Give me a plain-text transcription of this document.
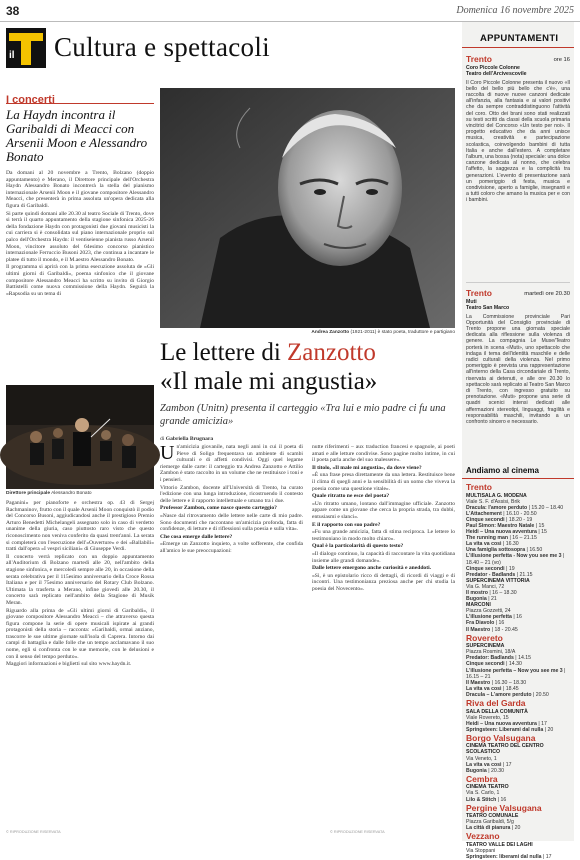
38	Domenica 16 novembre 2025
il Cultura e spettacoli
I concerti
La Haydn incontra il Garibaldi di Meacci con Arsenii Moon e Alessandro Bonato

Da domani al 20 novembre a Trento, Bolzano (doppio appuntamento) e Merano, il Direttore principale dell'Orchestra Haydn Alessandro Bonato incontrerà la stella del pianismo internazionale Arsenii Moon e il giovane compositore Alessandro Meacci, che presenterà in prima assoluta un'opera dedicata alla figura di Garibaldi.

Si parte quindi domani alle 20.30 al teatro Sociale di Trento, dove si terrà il quarto appuntamento della stagione sinfonica 2025-26 della fondazione Haydn con protagonisti due giovani musicisti la cui carriera si è consolidata sul piano internazionale proprio sul palco dell'Orchestra Haydn: il ventiseienne pianista russo Arsenii Moon, vincitore assoluto del 64esimo concorso pianistico internazionale Ferruccio Busoni 2023, che continua a incantare le platee di tutto il mondo, e il M.aestro Alessandro Bonato.

Il programma si aprirà con la prima esecuzione assoluta de «Gli ultimi giorni di Garibaldi», poema sinfonico che il giovane compositore Alessandro Meacci ha scritto su invito di Giorgio Battistelli come nuova commissione della Haydn. Seguirà la «Rapsodia su un tema di

Direttore principale Alessandro Bonato

Paganini» per pianoforte e orchestra op. 43 di Sergej Rachmaninov, frutto con il quale Arsenii Moon conquistò il podio del Concorso Busoni, aggiudicandosi anche il prestigioso Premio Arturo Benedetti Michelangeli assegnato solo in caso di verdetto unanime della giuria, caso piuttosto raro visto che questo riconoscimento non veniva conferito da quasi trent'anni. La serata si completerà con l'esecuzione dell'«Ouverture» e dei «Ballabili» tratti dall'opera «I vespri siciliani» di Giuseppe Verdi.

Il concerto verrà replicato con un doppio appuntamento all'Auditorium di Bolzano martedì alle 20, nell'ambito della stagione sinfonica, e mercoledì sempre alle 20, in occasione della serata celebrativa per il 115esimo anniversario della Croce Rossa Italiana e per il 75esimo anniversario del Rotary Club Bolzano. Ultimata la trasferta a Merano, infine giovedì alle 20.30, il concerto sarà replicato nell'ambito della Stagione di Musik Meran.

Riguardo alla prima de «Gli ultimi giorni di Garibaldi», il giovane compositore Alessandro Meacci – che attraverso questa figura compone la serie di opere musicali ispirate ai grandi protagonisti della storia – racconta: «Garibaldi, ormai anziano, trascorre le sue ultime giornate sull'isola di Caprera. Intorno dai campi di battaglia e dalle folle che un tempo acclamavano il suo nome, egli si confronta con le sue memorie, con le delusioni e con il senso del tempo perduto».

Maggiori informazioni e biglietti sul sito www.haydn.it.

Andrea Zanzotto (1921-2011) è stato poeta, traduttore e partigiano
Le lettere di Zanzotto
«Il male mi angustia»
Zambon (Unitn) presenta il carteggio «Tra lui e mio padre ci fu una grande amicizia»
di Gabriella Brugnara

Un'amicizia giovanile, nata negli anni in cui il poeta di Pieve di Soligo frequentava un ambiente di scambi culturali e di affetti condivisi. Oggi quel legame riemerge dalle carte: il carteggio tra Andrea Zanzotto e Attilio Zambon è stato raccolto in un volume che ne restituisce i toni e i pensieri.

Vittorio Zambon, docente all'Università di Trento, ha curato l'edizione con una lunga introduzione, ricostruendo il contesto delle lettere e il rapporto intellettuale e umano tra i due.

Professor Zambon, come nasce questo carteggio?

«Nasce dal ritrovamento delle lettere nelle carte di mio padre. Sono documenti che raccontano un'amicizia profonda, fatta di confidenze, di letture e di riflessioni sulla poesia e sulla vita».

Che cosa emerge dalle lettere?

«Emerge un Zanzotto inquieto, a volte sofferente, che confida all'amico le sue preoccupazioni:

nutte riferimenti – aux traduction francesi e spagnole, ai poeti amati e alle letture condivise. Sono pagine molto intime, in cui il poeta parla anche del suo malessere».

Il titolo, «Il male mi angustia», da dove viene?

«È una frase presa direttamente da una lettera. Restituisce bene il clima di quegli anni e la sensibilità di un uomo che viveva la poesia come una questione vitale».

Quale ritratto ne esce del poeta?

«Un ritratto umano, lontano dall'immagine ufficiale. Zanzotto appare come un giovane che cerca la propria strada, tra dubbi, entusiasmi e slanci».

E il rapporto con suo padre?

«Fu una grande amicizia, fatta di stima reciproca. Le lettere lo testimoniano in modo molto chiaro».

Qual è la particolarità di questo testo?

«Il dialogo continuo, la capacità di raccontare la vita quotidiana insieme alle grandi domande».

Dalle lettere emergono anche curiosità e aneddoti.

«Sì, è un epistolario ricco di dettagli, di ricordi di viaggi e di incontri. Una testimonianza preziosa anche per chi studia la poesia del Novecento».

APPUNTAMENTI
Trento	ore 16
Coro Piccole Colonne
Teatro dell'Arcivescovile
Il Coro Piccole Colonne presenta il nuovo «Il bello del bello più bello che c'è», una raccolta di nuove nuove canzoni dedicate all'infanzia, alla fantasia e ai valori positivi che da sempre contraddistinguono l'attività del coro. Otto dei brani sono stati realizzati su testi scritti da classi della scuola primaria vincitrici del Concorso «Un testo per noi». Il progetto educativo che da anni unisce musica, creatività e partecipazione scolastica, coinvolgendo bambini di tutta Italia e anche dall'estero. A completare l'album, una bossa (nota) speciale: una dolce canzone dedicata al nonno, che celebra l'affetto, la saggezza e la complicità tra generazioni. L'evento di presentazione sarà un pomeriggio di festa, musica e condivisione, aperto a famiglie, insegnanti e a tutti coloro che amano la musica per e con i bambini.
Trento	martedì ore 20.30
Muti
Teatro San Marco
La Commissione provinciale Pari Opportunità del Consiglio provinciale di Trento propone una giornata speciale dedicata alla riflessione sulla violenza di genere. La compagnia Le Muse/Teatro porterà in scena «Muti», uno spettacolo che indaga il tema dell'identità maschile e delle radici culturali della violenza. Nel primo pomeriggio è prevista una rappresentazione all'interno della Casa circondariale di Trento, riservata ai detenuti, e alle ore 20.30 lo spettacolo sarà replicato al Teatro San Marco di Trento, con ingresso gratuito su prenotazione. «Muti» propone una serie di quadri scenici intensi dedicati alle affermazioni stereotipi, linguaggi, fragilità e responsabilità maschili, invitando a un confronto sincero e necessario.
Andiamo al cinema
Trento
MULTISALA G. MODENA
Viale S. F. d'Assisi, Brik
Dracula: l'amore perduto | 15.20 – 18.40
L'Attachement | 16.10 - 20.50
Cinque secondi | 18.20 - 19
Paul Simon: Maestro Natale | 15
Heidi – Una nuova avventura | 15
The running man | 16 – 21.15
La vita va così | 16.30
Una famiglia sottosopra | 16.50
L'illusione perfetta - Now you see me 3 | 18.40 – 21 (vo)
Cinque secondi | 19
Predator - Badlands | 21.15
SUPERCINEMA VITTORIA
Via G. Manci, 72
Il mostro | 16 – 18.30
Bugonia | 21
MARCONI
Piazza Gozzetti, 24
L'illusione perfetta | 16
Fra Diavolo | 16
Il Maestro | 18 - 20.45
Rovereto
SUPERCINEMA
Piazza Rosmini, 18/A
Predator: Badlands | 14.15
Cinque secondi | 14.30
L'illusione perfetta – Now you see me 3 | 16.15 – 21
Il Maestro | 16.30 – 18.30
La vita va così | 18.45
Dracula – L'amore perduto | 20.50
Riva del Garda
SALA DELLA COMUNITÀ
Viale Rovereto, 15
Heidi – Una nuova avventura | 17
Springsteen: Liberami dal nulla | 20
Borgo Valsugana
CINEMA TEATRO DEL CENTRO SCOLASTICO
Via Veneto, 1
La vita va così | 17
Bugonia | 20.30
Cembra
CINEMA TEATRO
Via S. Carlo, 1
Lilo & Stitch | 16
Pergine Valsugana
TEATRO COMUNALE
Piazza Garibaldi, 5/g
La città di pianura | 20
Vezzano
TEATRO VALLE DEI LAGHI
Via Stoppani
Springsteen: liberami dal nulla | 17
© RIPRODUZIONE RISERVATA	© RIPRODUZIONE RISERVATA
